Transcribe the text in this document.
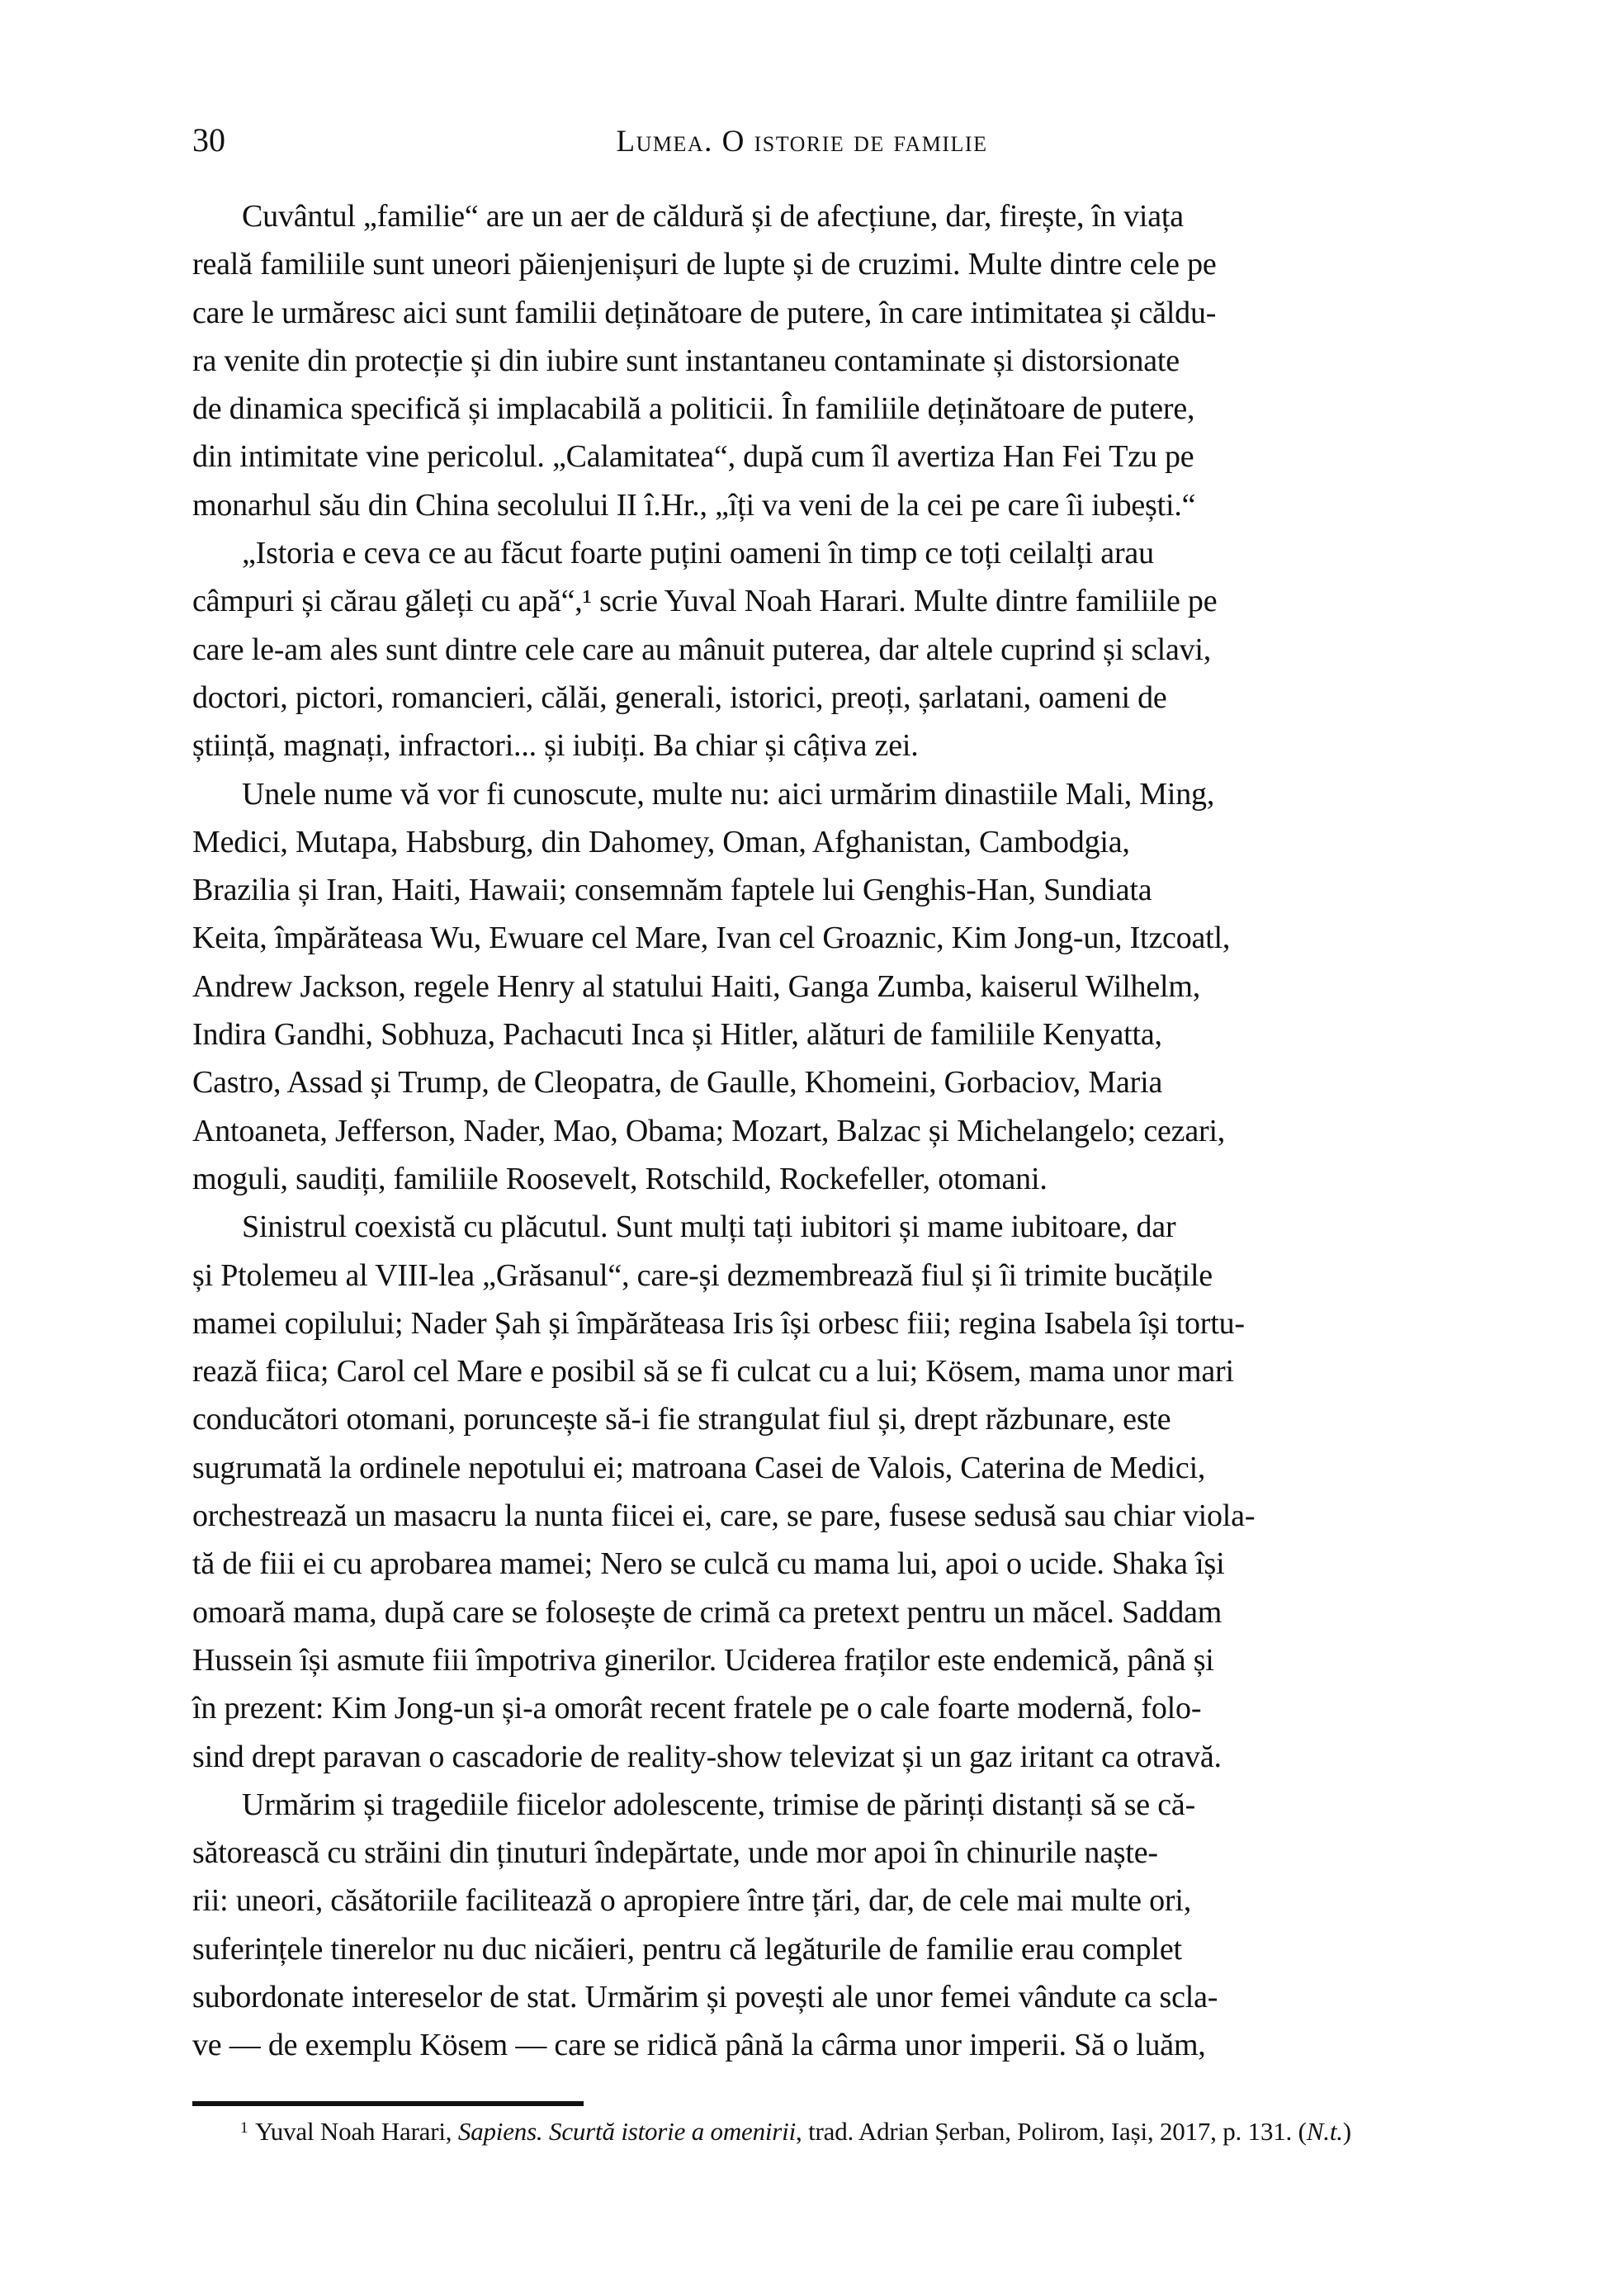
30	Lumea. O istorie de familie
Cuvântul „familie“ are un aer de căldură și de afecțiune, dar, firește, în viața
reală familiile sunt uneori păienjenișuri de lupte și de cruzimi. Multe dintre cele pe
care le urmăresc aici sunt familii deținătoare de putere, în care intimitatea și căldu-
ra venite din protecție și din iubire sunt instantaneu contaminate și distorsionate
de dinamica specifică și implacabilă a politicii. În familiile deținătoare de putere,
din intimitate vine pericolul. „Calamitatea“, după cum îl avertiza Han Fei Tzu pe
monarhul său din China secolului II î.Hr., „îți va veni de la cei pe care îi iubești.“
„Istoria e ceva ce au făcut foarte puțini oameni în timp ce toți ceilalți arau
câmpuri și cărau găleți cu apă“,¹ scrie Yuval Noah Harari. Multe dintre familiile pe
care le-am ales sunt dintre cele care au mânuit puterea, dar altele cuprind și sclavi,
doctori, pictori, romancieri, călăi, generali, istorici, preoți, șarlatani, oameni de
știință, magnați, infractori... și iubiți. Ba chiar și câțiva zei.
Unele nume vă vor fi cunoscute, multe nu: aici urmărim dinastiile Mali, Ming,
Medici, Mutapa, Habsburg, din Dahomey, Oman, Afghanistan, Cambodgia,
Brazilia și Iran, Haiti, Hawaii; consemnăm faptele lui Genghis-Han, Sundiata
Keita, împărăteasa Wu, Ewuare cel Mare, Ivan cel Groaznic, Kim Jong-un, Itzcoatl,
Andrew Jackson, regele Henry al statului Haiti, Ganga Zumba, kaiserul Wilhelm,
Indira Gandhi, Sobhuza, Pachacuti Inca și Hitler, alături de familiile Kenyatta,
Castro, Assad și Trump, de Cleopatra, de Gaulle, Khomeini, Gorbaciov, Maria
Antoaneta, Jefferson, Nader, Mao, Obama; Mozart, Balzac și Michelangelo; cezari,
moguli, saudiți, familiile Roosevelt, Rotschild, Rockefeller, otomani.
Sinistrul coexistă cu plăcutul. Sunt mulți tați iubitori și mame iubitoare, dar
și Ptolemeu al VIII-lea „Grăsanul“, care-și dezmembrează fiul și îi trimite bucățile
mamei copilului; Nader Șah și împărăteasa Iris își orbesc fiii; regina Isabela își tortu-
rează fiica; Carol cel Mare e posibil să se fi culcat cu a lui; Kösem, mama unor mari
conducători otomani, poruncește să-i fie strangulat fiul și, drept răzbunare, este
sugrumată la ordinele nepotului ei; matroana Casei de Valois, Caterina de Medici,
orchestrează un masacru la nunta fiicei ei, care, se pare, fusese sedusă sau chiar viola-
tă de fiii ei cu aprobarea mamei; Nero se culcă cu mama lui, apoi o ucide. Shaka își
omoară mama, după care se folosește de crimă ca pretext pentru un măcel. Saddam
Hussein își asmute fiii împotriva ginerilor. Uciderea fraților este endemică, până și
în prezent: Kim Jong-un și-a omorât recent fratele pe o cale foarte modernă, folo-
sind drept paravan o cascadorie de reality-show televizat și un gaz iritant ca otravă.
Urmărim și tragediile fiicelor adolescente, trimise de părinți distanți să se că-
sătorească cu străini din ținuturi îndepărtate, unde mor apoi în chinurile naște-
rii: uneori, căsătoriile facilitează o apropiere între țări, dar, de cele mai multe ori,
suferințele tinerelor nu duc nicăieri, pentru că legăturile de familie erau complet
subordonate intereselor de stat. Urmărim și povești ale unor femei vândute ca scla-
ve — de exemplu Kösem — care se ridică până la cârma unor imperii. Să o luăm,
$^1$ Yuval Noah Harari, Sapiens. Scurtă istorie a omenirii, trad. Adrian Șerban, Polirom, Iași, 2017, p. 131. (N.t.)
